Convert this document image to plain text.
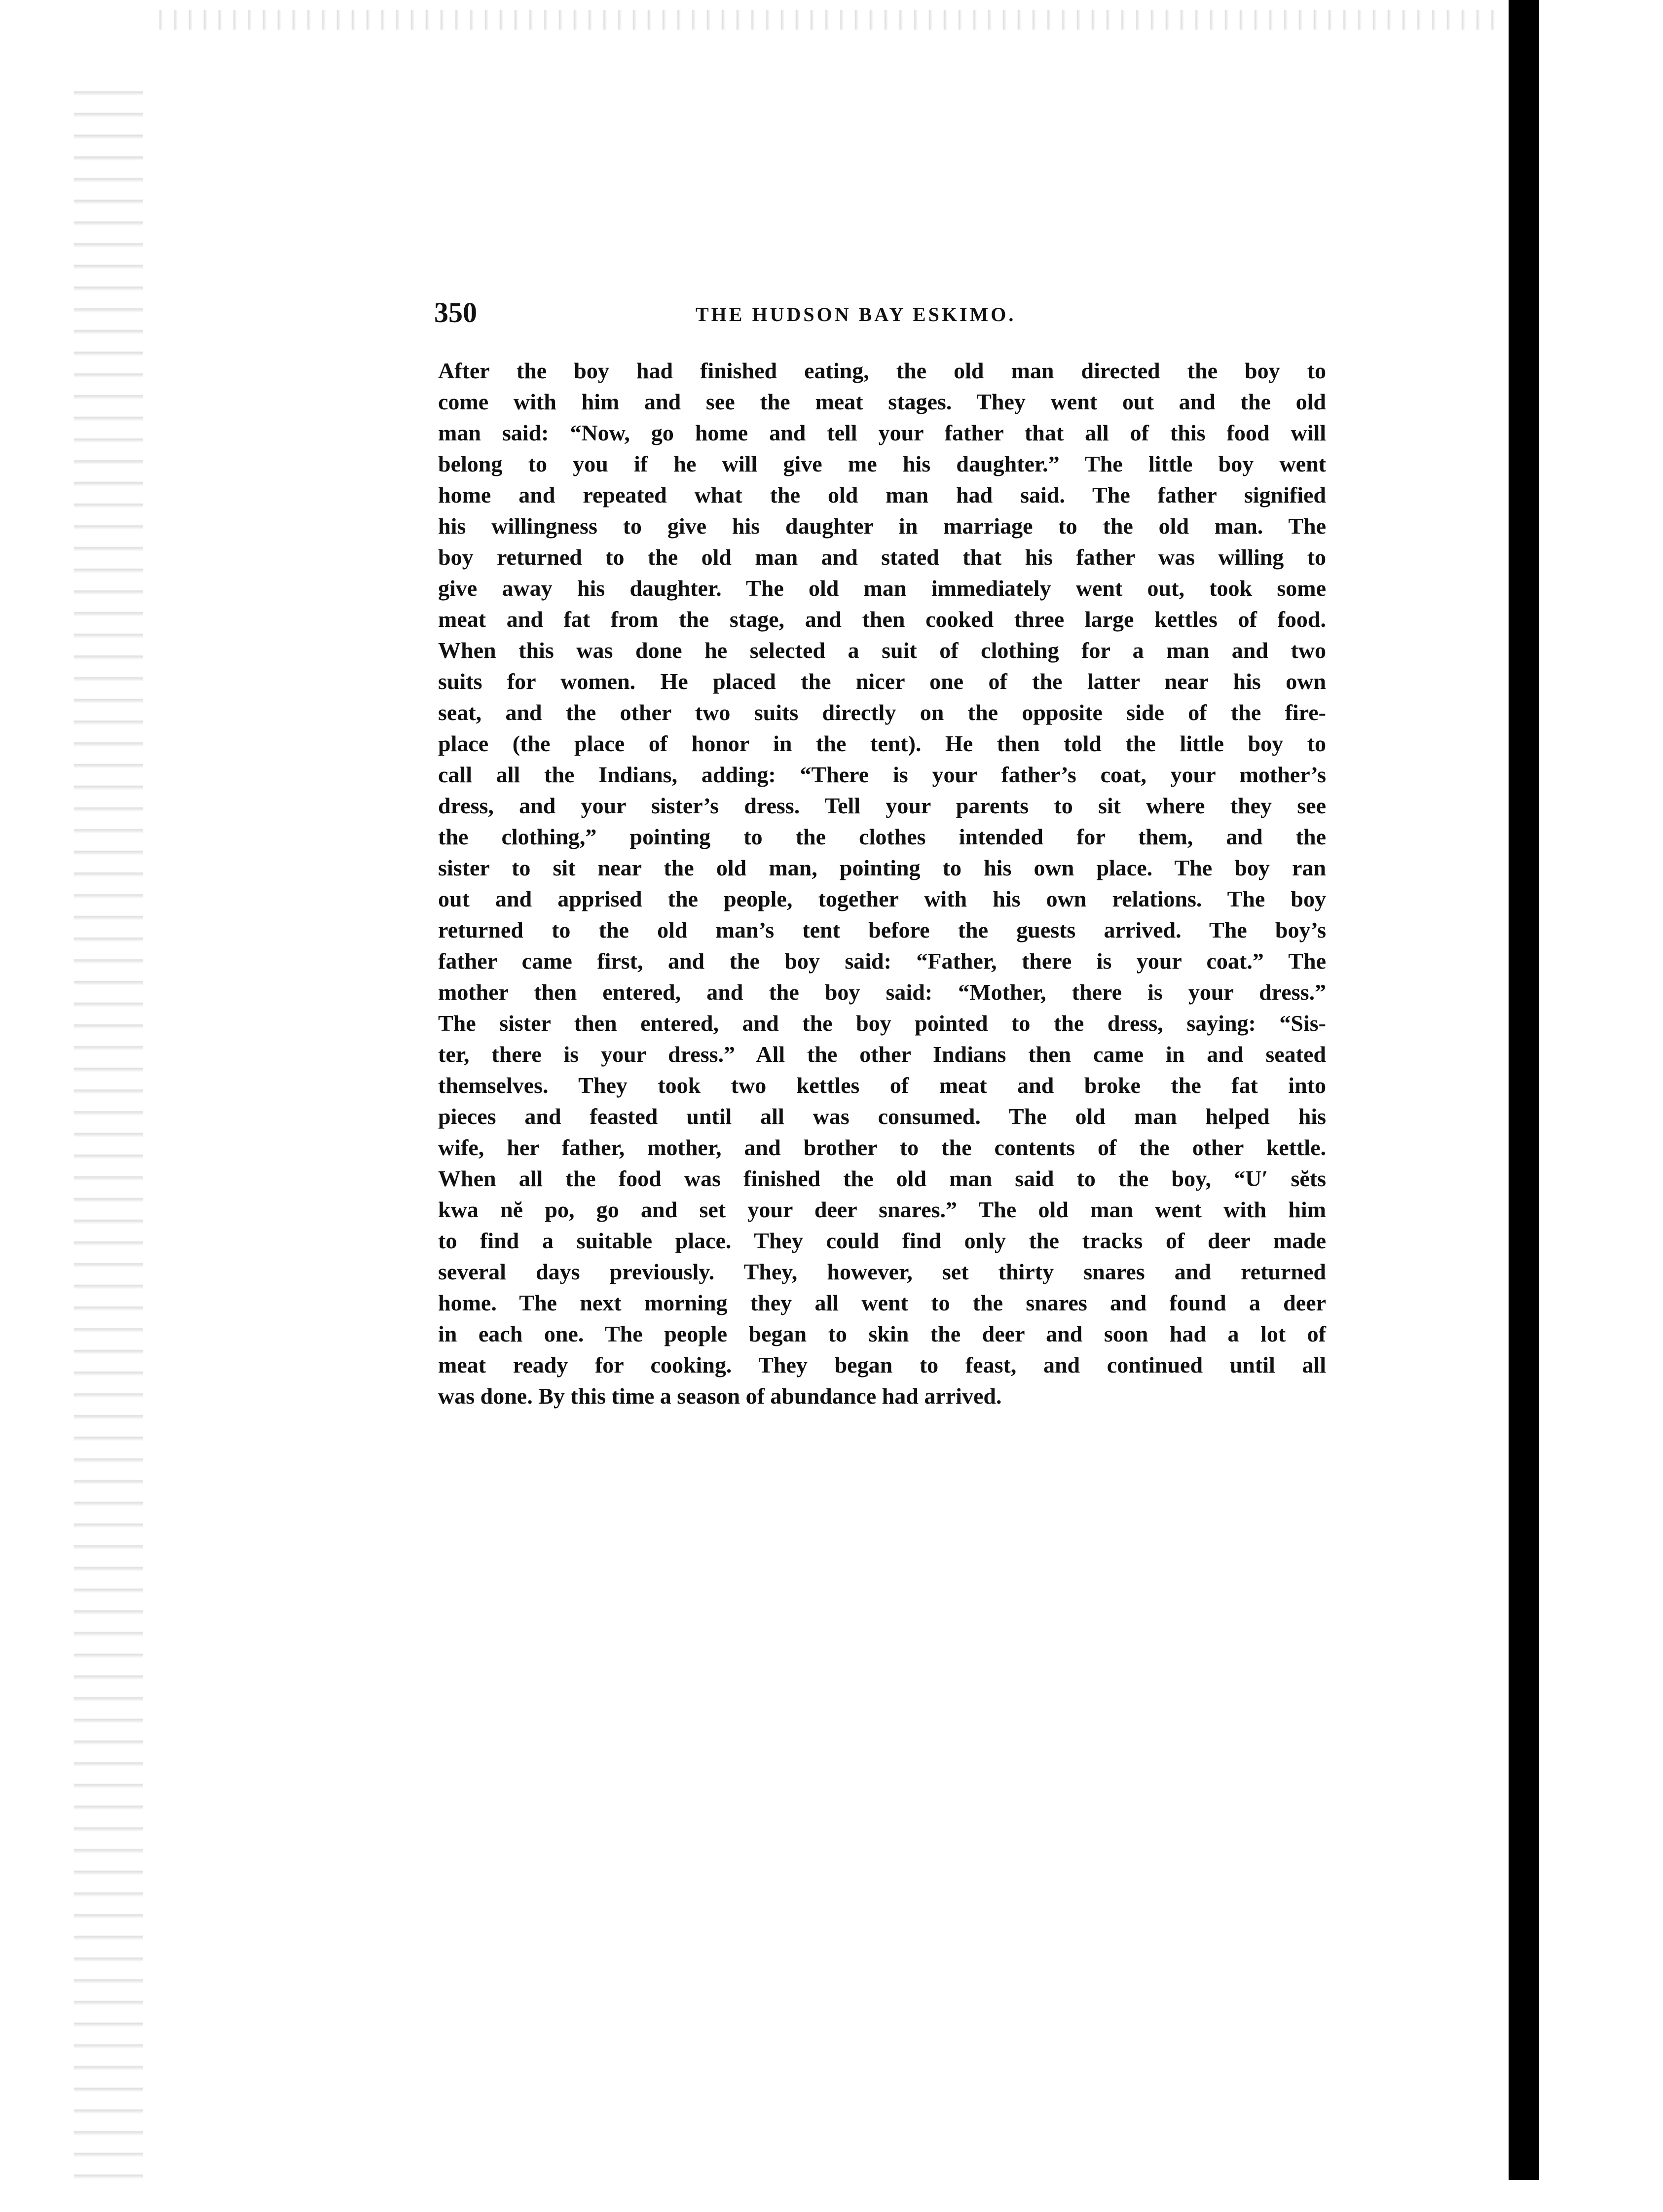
350	THE HUDSON BAY ESKIMO.
After the boy had finished eating, the old man directed the boy to
come with him and see the meat stages. They went out and the old
man said: “Now, go home and tell your father that all of this food will
belong to you if he will give me his daughter.” The little boy went
home and repeated what the old man had said. The father signified
his willingness to give his daughter in marriage to the old man. The
boy returned to the old man and stated that his father was willing to
give away his daughter. The old man immediately went out, took some
meat and fat from the stage, and then cooked three large kettles of food.
When this was done he selected a suit of clothing for a man and two
suits for women. He placed the nicer one of the latter near his own
seat, and the other two suits directly on the opposite side of the fire-
place (the place of honor in the tent). He then told the little boy to
call all the Indians, adding: “There is your father’s coat, your mother’s
dress, and your sister’s dress. Tell your parents to sit where they see
the clothing,” pointing to the clothes intended for them, and the
sister to sit near the old man, pointing to his own place. The boy ran
out and apprised the people, together with his own relations. The boy
returned to the old man’s tent before the guests arrived. The boy’s
father came first, and the boy said: “Father, there is your coat.” The
mother then entered, and the boy said: “Mother, there is your dress.”
The sister then entered, and the boy pointed to the dress, saying: “Sis-
ter, there is your dress.” All the other Indians then came in and seated
themselves. They took two kettles of meat and broke the fat into
pieces and feasted until all was consumed. The old man helped his
wife, her father, mother, and brother to the contents of the other kettle.
When all the food was finished the old man said to the boy, “U′ sĕts
kwa nĕ po, go and set your deer snares.” The old man went with him
to find a suitable place. They could find only the tracks of deer made
several days previously. They, however, set thirty snares and returned
home. The next morning they all went to the snares and found a deer
in each one. The people began to skin the deer and soon had a lot of
meat ready for cooking. They began to feast, and continued until all
was done. By this time a season of abundance had arrived.
